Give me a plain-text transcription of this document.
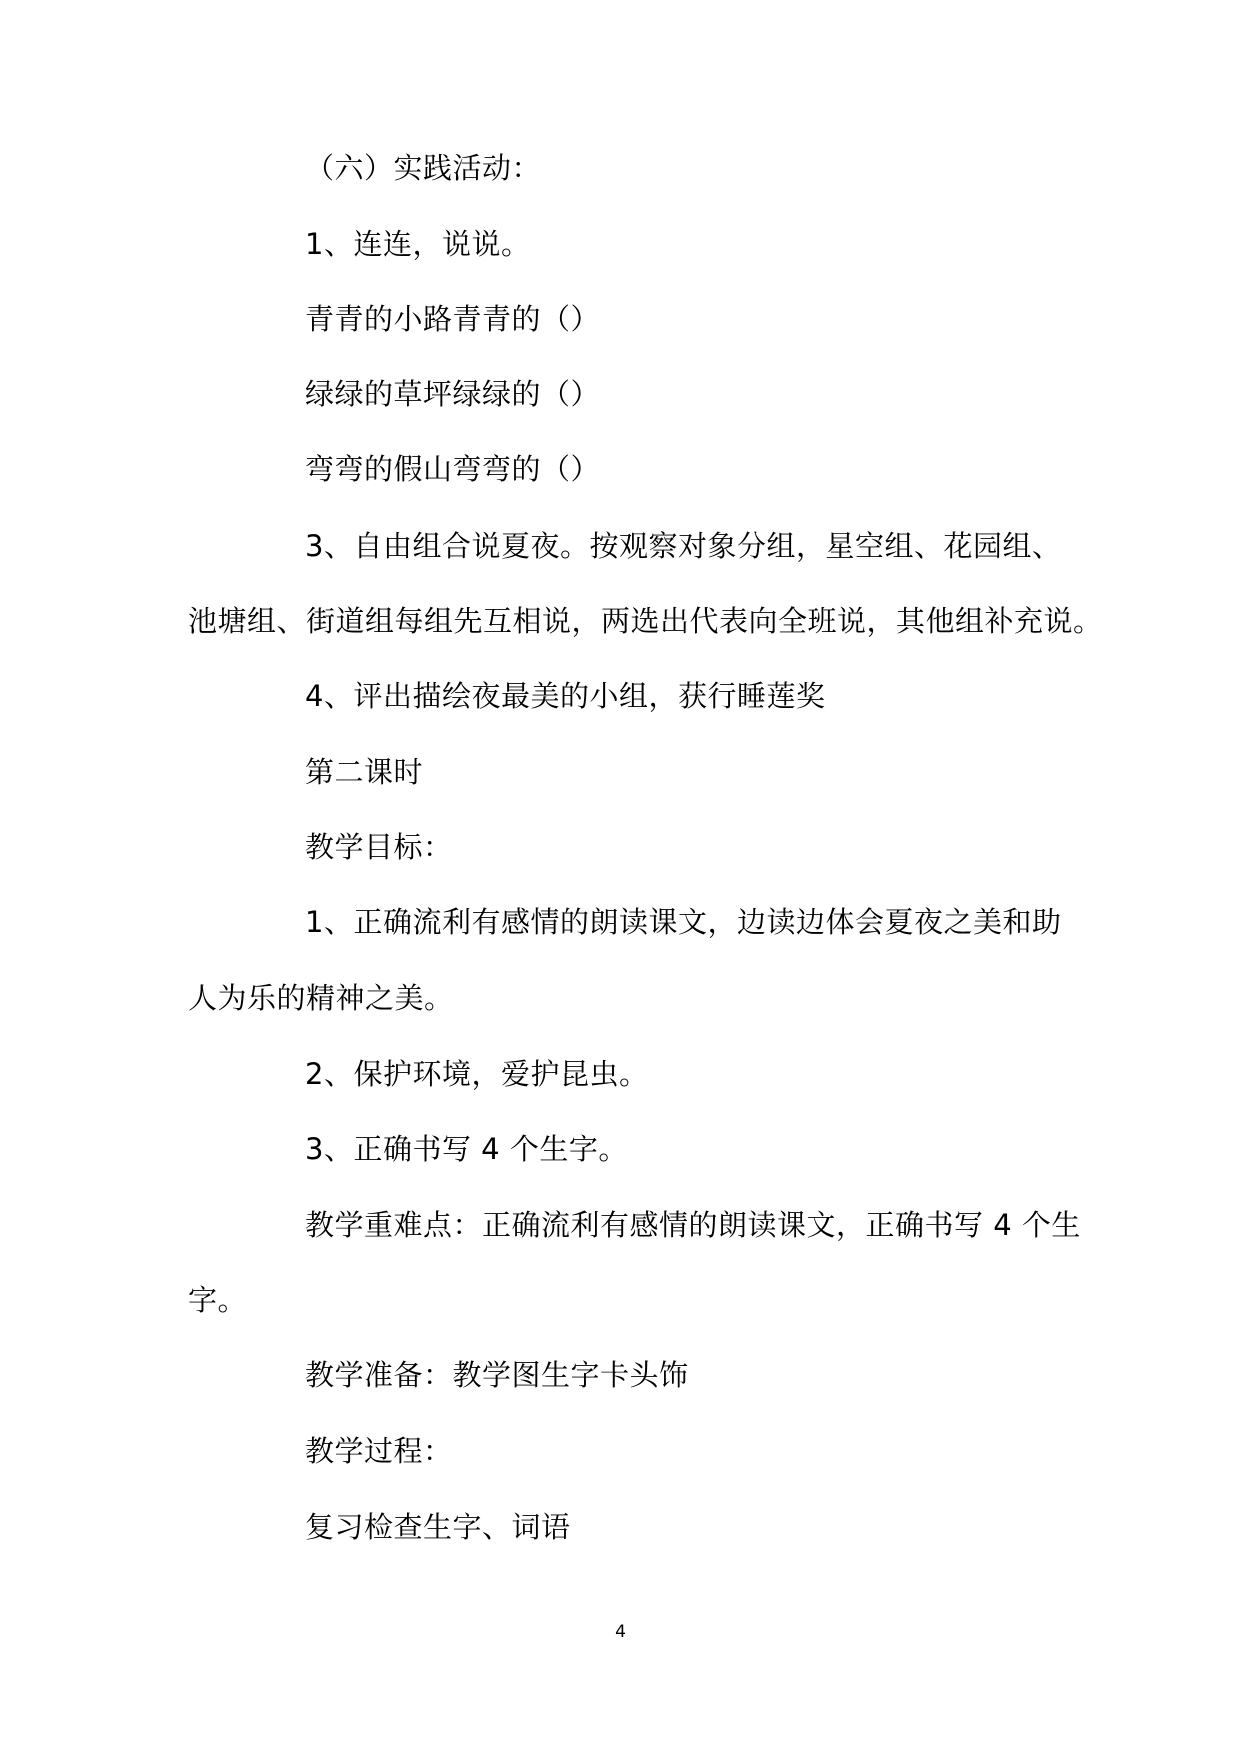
（六）实践活动：

1、连连，说说。

青青的小路青青的（）

绿绿的草坪绿绿的（）

弯弯的假山弯弯的（）

3、自由组合说夏夜。按观察对象分组，星空组、花园组、

池塘组、街道组每组先互相说，两选出代表向全班说，其他组补充说。

4、评出描绘夜最美的小组，获行睡莲奖

第二课时

教学目标：

1、正确流利有感情的朗读课文，边读边体会夏夜之美和助

人为乐的精神之美。

2、保护环境，爱护昆虫。

3、正确书写 4 个生字。

教学重难点：正确流利有感情的朗读课文，正确书写 4 个生

字。

教学准备：教学图生字卡头饰

教学过程：

复习检查生字、词语

4
